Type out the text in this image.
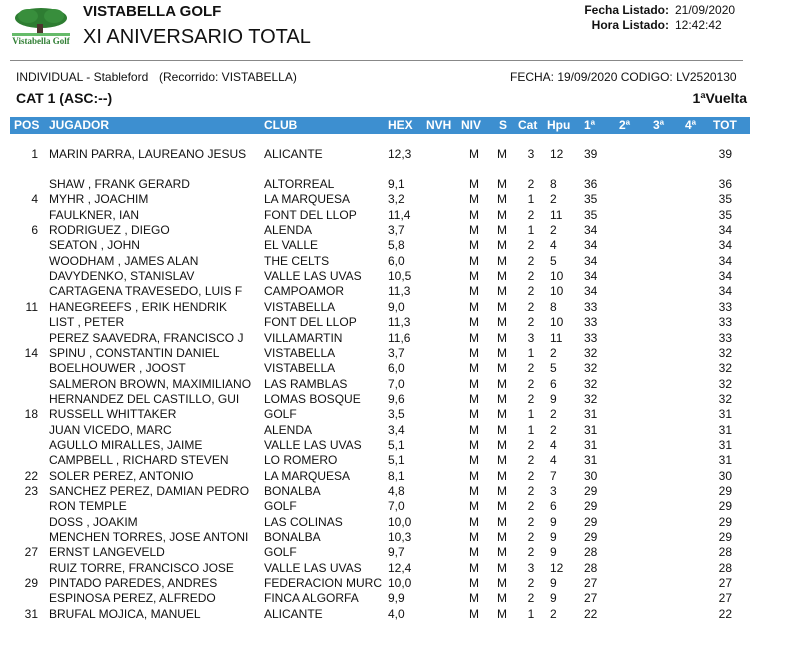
Vistabella Golf
VISTABELLA GOLF
XI ANIVERSARIO TOTAL
Fecha Listado: 21/09/2020
Hora Listado: 12:42:42
INDIVIDUAL - Stableford (Recorrido: VISTABELLA)	FECHA: 19/09/2020 CODIGO: LV2520130
CAT 1 (ASC:--)	1ªVuelta
POS JUGADOR	CLUB	HEX NVH NIV S Cat Hpu 1ª 2ª 3ª 4ª TOT
1 MARIN PARRA, LAUREANO JESUS	ALICANTE	12,3	M M	3	12 39	39
SHAW , FRANK GERARD	ALTORREAL	9,1	M M	2	8 36	36
4 MYHR , JOACHIM	LA MARQUESA	3,2	M M	1	2 35	35
FAULKNER, IAN	FONT DEL LLOP	11,4	M M	2	11 35	35
6 RODRIGUEZ , DIEGO	ALENDA	3,7	M M	1	2 34	34
SEATON , JOHN	EL VALLE	5,8	M M	2	4 34	34
WOODHAM , JAMES ALAN	THE CELTS	6,0	M M	2	5 34	34
DAVYDENKO, STANISLAV	VALLE LAS UVAS	10,5	M M	2	10 34	34
CARTAGENA TRAVESEDO, LUIS F	CAMPOAMOR	11,3	M M	2	10 34	34
11 HANEGREEFS , ERIK HENDRIK	VISTABELLA	9,0	M M	2	8 33	33
LIST , PETER	FONT DEL LLOP	11,3	M M	2	10 33	33
PEREZ SAAVEDRA, FRANCISCO J	VILLAMARTIN	11,6	M M	3	11 33	33
14 SPINU , CONSTANTIN DANIEL	VISTABELLA	3,7	M M	1	2 32	32
BOELHOUWER , JOOST	VISTABELLA	6,0	M M	2	5 32	32
SALMERON BROWN, MAXIMILIANO	LAS RAMBLAS	7,0	M M	2	6 32	32
HERNANDEZ DEL CASTILLO, GUI	LOMAS BOSQUE	9,6	M M	2	9 32	32
18 RUSSELL WHITTAKER	GOLF	3,5	M M	1	2 31	31
JUAN VICEDO, MARC	ALENDA	3,4	M M	1	2 31	31
AGULLO MIRALLES, JAIME	VALLE LAS UVAS	5,1	M M	2	4 31	31
CAMPBELL , RICHARD STEVEN	LO ROMERO	5,1	M M	2	4 31	31
22 SOLER PEREZ, ANTONIO	LA MARQUESA	8,1	M M	2	7 30	30
23 SANCHEZ PEREZ, DAMIAN PEDRO	BONALBA	4,8	M M	2	3 29	29
RON TEMPLE	GOLF	7,0	M M	2	6 29	29
DOSS , JOAKIM	LAS COLINAS	10,0	M M	2	9 29	29
MENCHEN TORRES, JOSE ANTONI	BONALBA	10,3	M M	2	9 29	29
27 ERNST LANGEVELD	GOLF	9,7	M M	2	9 28	28
RUIZ TORRE, FRANCISCO JOSE	VALLE LAS UVAS	12,4	M M	3	12 28	28
29 PINTADO PAREDES, ANDRES	FEDERACION MURC 10,0	M M	2	9 27	27
ESPINOSA PEREZ, ALFREDO	FINCA ALGORFA	9,9	M M	2	9 27	27
31 BRUFAL MOJICA, MANUEL	ALICANTE	4,0	M M	1	2 22	22
